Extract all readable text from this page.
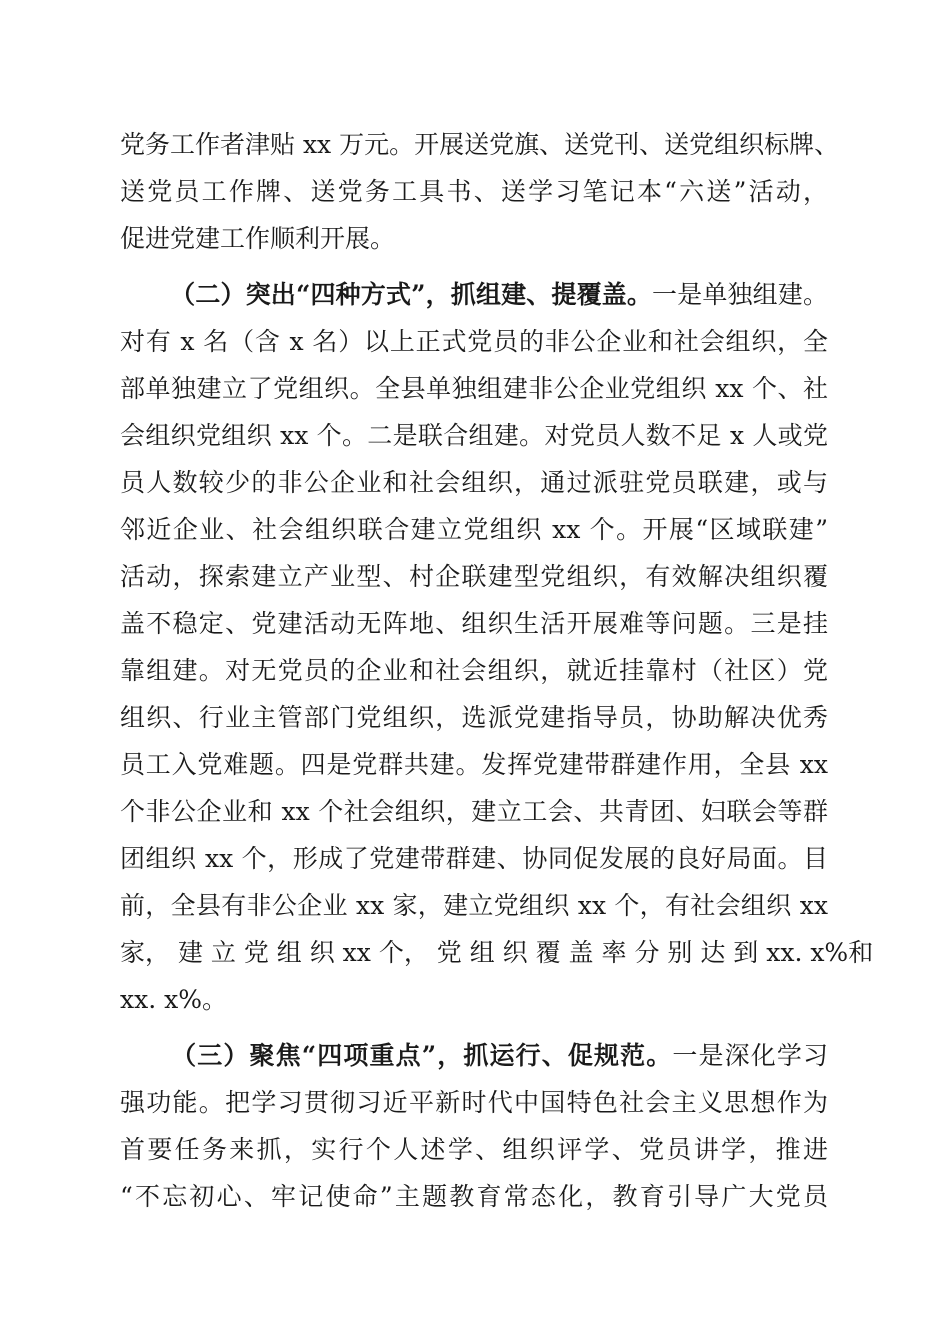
党务工作者津贴 xx 万元。开展送党旗、送党刊、送党组织标牌、
送党员工作牌、送党务工具书、送学习笔记本“六送”活动，
促进党建工作顺利开展。
（二）突出“四种方式”，抓组建、提覆盖。一是单独组建。
对有 x 名（含 x 名）以上正式党员的非公企业和社会组织，全
部单独建立了党组织。全县单独组建非公企业党组织 xx 个、社
会组织党组织 xx 个。二是联合组建。对党员人数不足 x 人或党
员人数较少的非公企业和社会组织，通过派驻党员联建，或与
邻近企业、社会组织联合建立党组织 xx 个。开展“区域联建”
活动，探索建立产业型、村企联建型党组织，有效解决组织覆
盖不稳定、党建活动无阵地、组织生活开展难等问题。三是挂
靠组建。对无党员的企业和社会组织，就近挂靠村（社区）党
组织、行业主管部门党组织，选派党建指导员，协助解决优秀
员工入党难题。四是党群共建。发挥党建带群建作用，全县 xx
个非公企业和 xx 个社会组织，建立工会、共青团、妇联会等群
团组织 xx 个，形成了党建带群建、协同促发展的良好局面。目
前，全县有非公企业 xx 家，建立党组织 xx 个，有社会组织 xx
家， 建 立 党 组 织 xx 个， 党 组 织 覆 盖 率 分 别 达 到 xx. x%和
xx. x%。
（三）聚焦“四项重点”，抓运行、促规范。一是深化学习
强功能。把学习贯彻习近平新时代中国特色社会主义思想作为
首要任务来抓，实行个人述学、组织评学、党员讲学，推进
“不忘初心、牢记使命”主题教育常态化，教育引导广大党员
